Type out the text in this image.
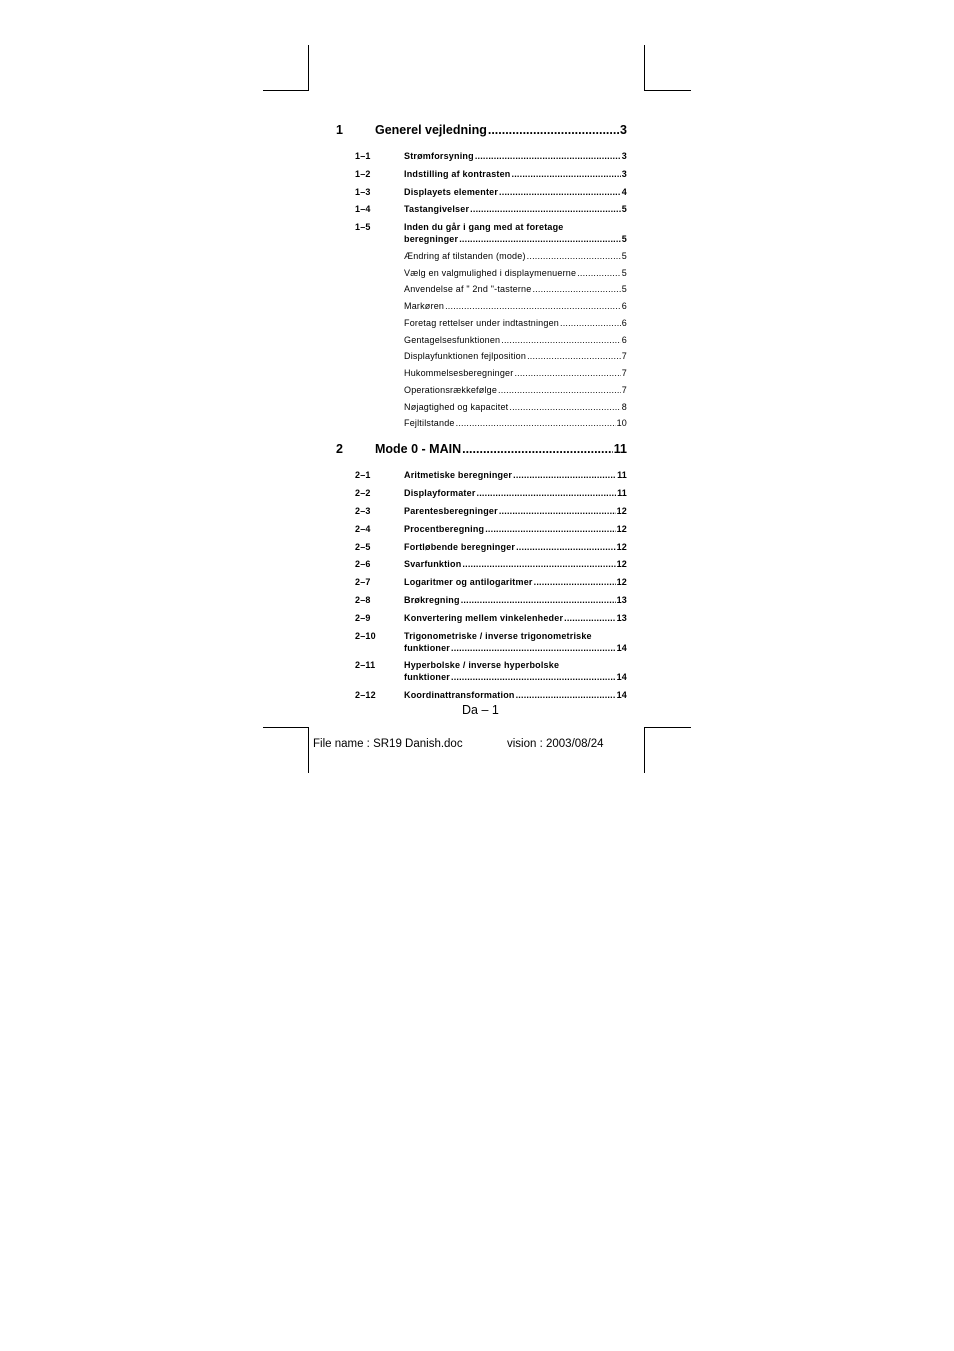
1	Generel vejledning .....	3
1–1	Strømforsyning .....	3
1–2	Indstilling af kontrasten .....	3
1–3	Displayets elementer .....	4
1–4	Tastangivelser .....	5
1–5	Inden du går i gang med at foretage
beregninger .....	5
Ændring af tilstanden (mode) .....	5
Vælg en valgmulighed i displaymenuerne .....	5
Anvendelse af " 2nd "-tasterne .....	5
Markøren .....	6
Foretag rettelser under indtastningen .....	6
Gentagelsesfunktionen .....	6
Displayfunktionen fejlposition .....	7
Hukommelsesberegninger .....	7
Operationsrækkefølge .....	7
Nøjagtighed og kapacitet .....	8
Fejltilstande .....	10
2	Mode 0 - MAIN .....	11
2–1	Aritmetiske beregninger .....	11
2–2	Displayformater .....	11
2–3	Parentesberegninger .....	12
2–4	Procentberegning .....	12
2–5	Fortløbende beregninger .....	12
2–6	Svarfunktion .....	12
2–7	Logaritmer og antilogaritmer .....	12
2–8	Brøkregning .....	13
2–9	Konvertering mellem vinkelenheder .....	13
2–10	Trigonometriske / inverse trigonometriske
funktioner .....	14
2–11	Hyperbolske / inverse hyperbolske
funktioner .....	14
2–12	Koordinattransformation .....	14
Da – 1
File name : SR19 Danish.doc	vision : 2003/08/24
